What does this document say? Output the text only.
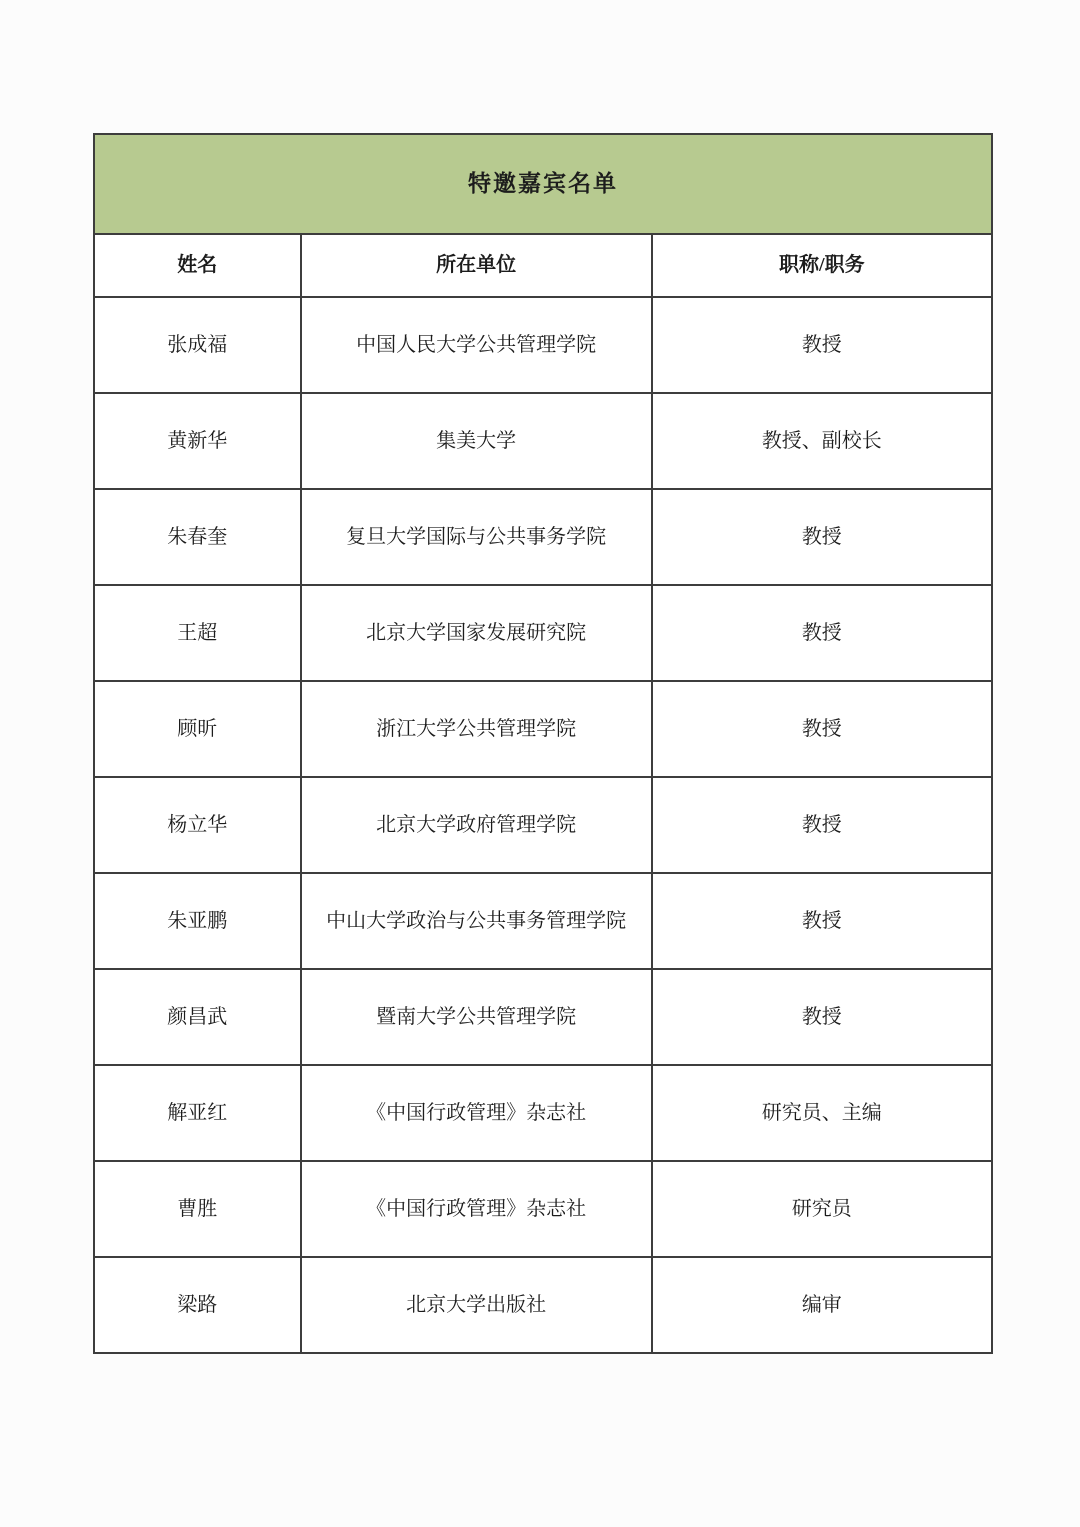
特邀嘉宾名单		
姓名	所在单位	职称/职务
张成福	中国人民大学公共管理学院	教授
黄新华	集美大学	教授、副校长
朱春奎	复旦大学国际与公共事务学院	教授
王超	北京大学国家发展研究院	教授
顾昕	浙江大学公共管理学院	教授
杨立华	北京大学政府管理学院	教授
朱亚鹏	中山大学政治与公共事务管理学院	教授
颜昌武	暨南大学公共管理学院	教授
解亚红	《中国行政管理》杂志社	研究员、主编
曹胜	《中国行政管理》杂志社	研究员
梁路	北京大学出版社	编审
